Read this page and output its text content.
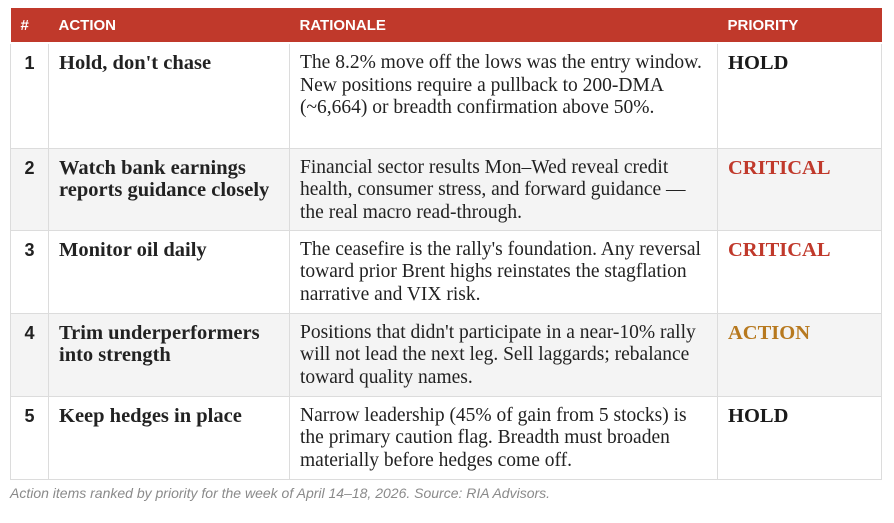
#	ACTION	RATIONALE	PRIORITY
1	Hold, don't chase	The 8.2% move off the lows was the entry window. New positions require a pullback to 200-DMA (~6,664) or breadth confirmation above 50%.	HOLD
2	Watch bank earnings reports guidance closely	Financial sector results Mon–Wed reveal credit health, consumer stress, and forward guidance — the real macro read-through.	CRITICAL
3	Monitor oil daily	The ceasefire is the rally's foundation. Any reversal toward prior Brent highs reinstates the stagflation narrative and VIX risk.	CRITICAL
4	Trim underperformers into strength	Positions that didn't participate in a near-10% rally will not lead the next leg. Sell laggards; rebalance toward quality names.	ACTION
5	Keep hedges in place	Narrow leadership (45% of gain from 5 stocks) is the primary caution flag. Breadth must broaden materially before hedges come off.	HOLD
Action items ranked by priority for the week of April 14–18, 2026. Source: RIA Advisors.
